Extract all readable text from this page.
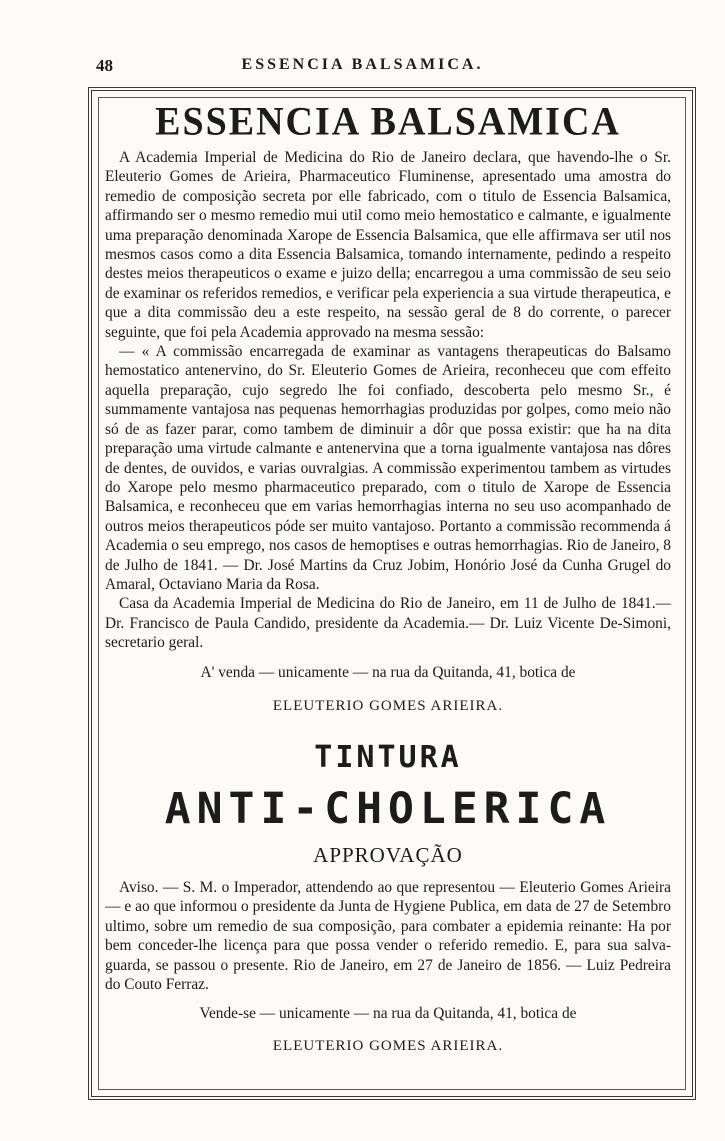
48	ESSENCIA BALSAMICA.
ESSENCIA BALSAMICA

A Academia Imperial de Medicina do Rio de Janeiro declara, que havendo-lhe o Sr. Eleuterio Gomes de Arieira, Pharmaceutico Fluminense, apresentado uma amostra do remedio de composição secreta por elle fabricado, com o titulo de Essencia Balsamica, affirmando ser o mesmo remedio mui util como meio hemostatico e calmante, e igualmente uma preparação denominada Xarope de Essencia Balsamica, que elle affirmava ser util nos mesmos casos como a dita Essencia Balsamica, tomando internamente, pedindo a respeito destes meios therapeuticos o exame e juizo della; encarregou a uma commissão de seu seio de examinar os referidos remedios, e verificar pela experiencia a sua virtude therapeutica, e que a dita commissão deu a este respeito, na sessão geral de 8 do corrente, o parecer seguinte, que foi pela Academia approvado na mesma sessão:

— « A commissão encarregada de examinar as vantagens therapeuticas do Balsamo hemostatico antenervino, do Sr. Eleuterio Gomes de Arieira, reconheceu que com effeito aquella preparação, cujo segredo lhe foi confiado, descoberta pelo mesmo Sr., é summamente vantajosa nas pequenas hemorrhagias produzidas por golpes, como meio não só de as fazer parar, como tambem de diminuir a dôr que possa existir: que ha na dita preparação uma virtude calmante e antenervina que a torna igualmente vantajosa nas dôres de dentes, de ouvidos, e varias ouvralgias. A commissão experimentou tambem as virtudes do Xarope pelo mesmo pharmaceutico preparado, com o titulo de Xarope de Essencia Balsamica, e reconheceu que em varias hemorrhagias interna no seu uso acompanhado de outros meios therapeuticos póde ser muito vantajoso. Portanto a commissão recommenda á Academia o seu emprego, nos casos de hemoptises e outras hemorrhagias. Rio de Janeiro, 8 de Julho de 1841. — Dr. José Martins da Cruz Jobim, Honório José da Cunha Grugel do Amaral, Octaviano Maria da Rosa.

Casa da Academia Imperial de Medicina do Rio de Janeiro, em 11 de Julho de 1841.— Dr. Francisco de Paula Candido, presidente da Academia.— Dr. Luiz Vicente De-Simoni, secretario geral.

A' venda — unicamente — na rua da Quitanda, 41, botica de
ELEUTERIO GOMES ARIEIRA.
TINTURA
ANTI-CHOLERICA
APPROVAÇÃO

Aviso. — S. M. o Imperador, attendendo ao que representou — Eleuterio Gomes Arieira — e ao que informou o presidente da Junta de Hygiene Publica, em data de 27 de Setembro ultimo, sobre um remedio de sua composição, para combater a epidemia reinante: Ha por bem conceder-lhe licença para que possa vender o referido remedio. E, para sua salva-guarda, se passou o presente. Rio de Janeiro, em 27 de Janeiro de 1856. — Luiz Pedreira do Couto Ferraz.

Vende-se — unicamente — na rua da Quitanda, 41, botica de
ELEUTERIO GOMES ARIEIRA.
